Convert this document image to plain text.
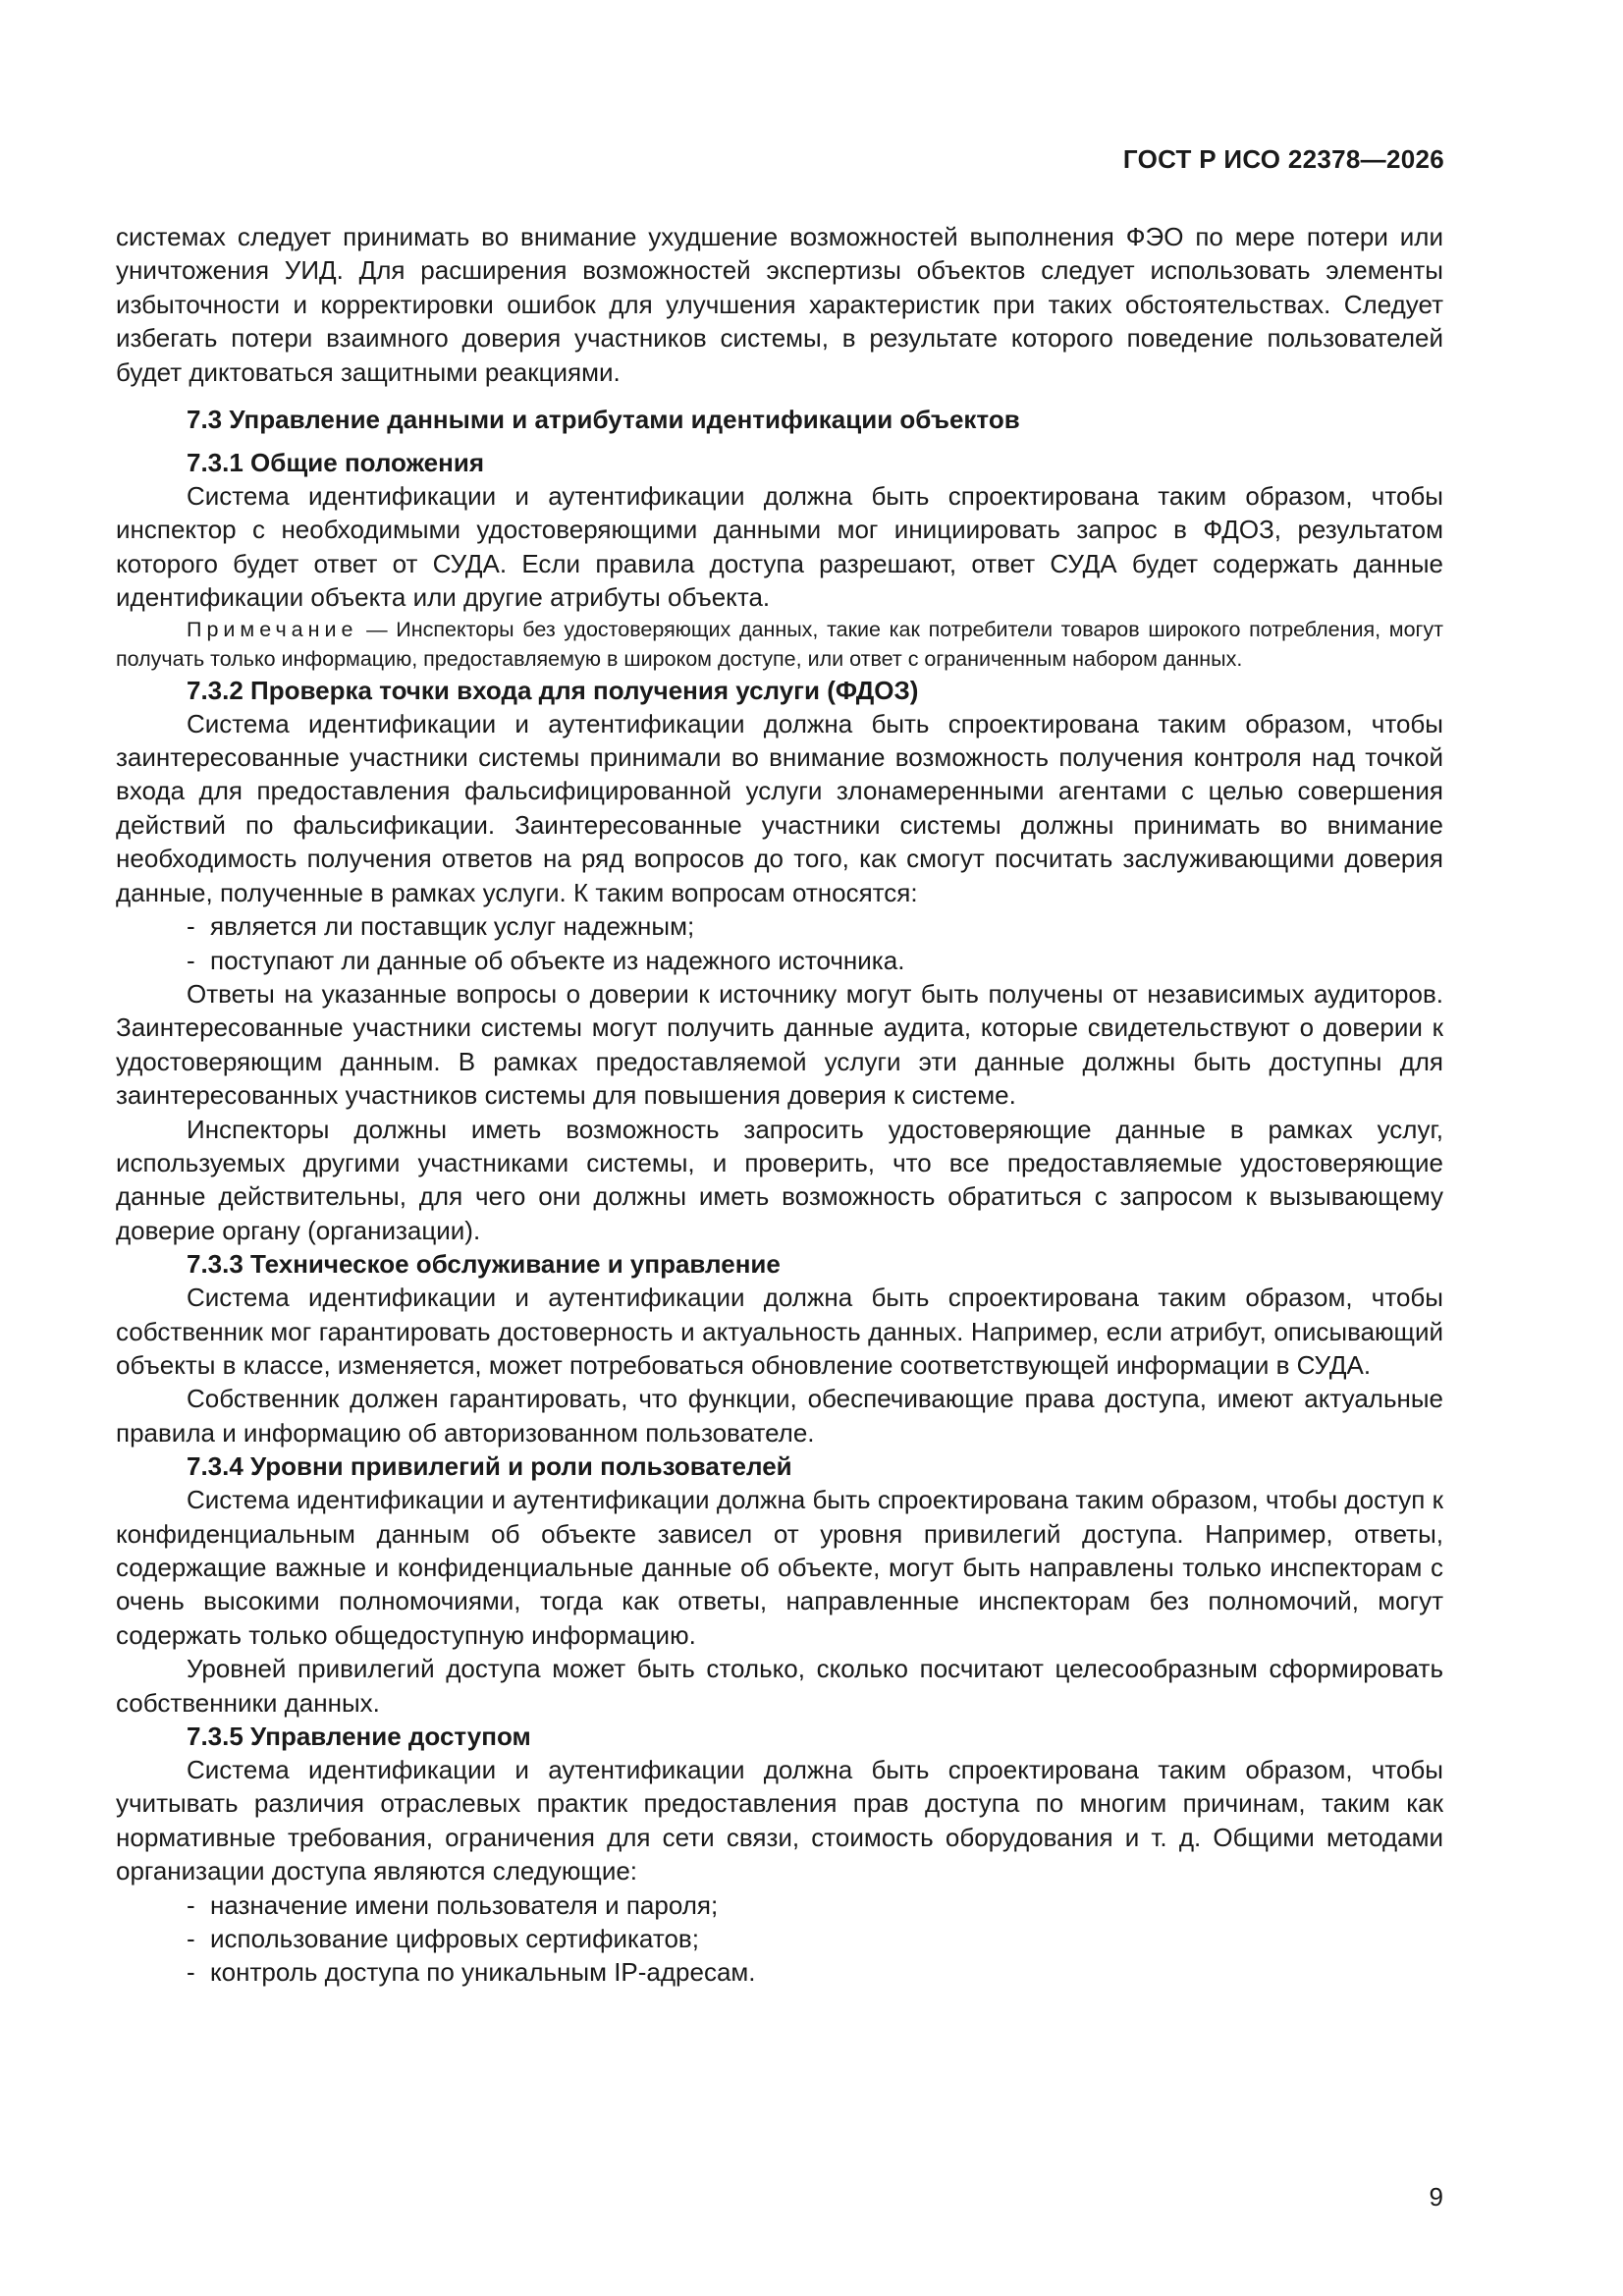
ГОСТ Р ИСО 22378—2026

системах следует принимать во внимание ухудшение возможностей выполнения ФЭО по мере потери или уничтожения УИД. Для расширения возможностей экспертизы объектов следует использовать элементы избыточности и корректировки ошибок для улучшения характеристик при таких обстоятельствах. Следует избегать потери взаимного доверия участников системы, в результате которого поведение пользователей будет диктоваться защитными реакциями.

7.3 Управление данными и атрибутами идентификации объектов

7.3.1 Общие положения

Система идентификации и аутентификации должна быть спроектирована таким образом, чтобы инспектор с необходимыми удостоверяющими данными мог инициировать запрос в ФДОЗ, результатом которого будет ответ от СУДА. Если правила доступа разрешают, ответ СУДА будет содержать данные идентификации объекта или другие атрибуты объекта.

Примечание — Инспекторы без удостоверяющих данных, такие как потребители товаров широкого потребления, могут получать только информацию, предоставляемую в широком доступе, или ответ с ограниченным набором данных.

7.3.2 Проверка точки входа для получения услуги (ФДОЗ)

Система идентификации и аутентификации должна быть спроектирована таким образом, чтобы заинтересованные участники системы принимали во внимание возможность получения контроля над точкой входа для предоставления фальсифицированной услуги злонамеренными агентами с целью совершения действий по фальсификации. Заинтересованные участники системы должны принимать во внимание необходимость получения ответов на ряд вопросов до того, как смогут посчитать заслуживающими доверия данные, полученные в рамках услуги. К таким вопросам относятся:

- является ли поставщик услуг надежным;
- поступают ли данные об объекте из надежного источника.

Ответы на указанные вопросы о доверии к источнику могут быть получены от независимых аудиторов. Заинтересованные участники системы могут получить данные аудита, которые свидетельствуют о доверии к удостоверяющим данным. В рамках предоставляемой услуги эти данные должны быть доступны для заинтересованных участников системы для повышения доверия к системе.

Инспекторы должны иметь возможность запросить удостоверяющие данные в рамках услуг, используемых другими участниками системы, и проверить, что все предоставляемые удостоверяющие данные действительны, для чего они должны иметь возможность обратиться с запросом к вызывающему доверие органу (организации).

7.3.3 Техническое обслуживание и управление

Система идентификации и аутентификации должна быть спроектирована таким образом, чтобы собственник мог гарантировать достоверность и актуальность данных. Например, если атрибут, описывающий объекты в классе, изменяется, может потребоваться обновление соответствующей информации в СУДА.

Собственник должен гарантировать, что функции, обеспечивающие права доступа, имеют актуальные правила и информацию об авторизованном пользователе.

7.3.4 Уровни привилегий и роли пользователей

Система идентификации и аутентификации должна быть спроектирована таким образом, чтобы доступ к конфиденциальным данным об объекте зависел от уровня привилегий доступа. Например, ответы, содержащие важные и конфиденциальные данные об объекте, могут быть направлены только инспекторам с очень высокими полномочиями, тогда как ответы, направленные инспекторам без полномочий, могут содержать только общедоступную информацию.

Уровней привилегий доступа может быть столько, сколько посчитают целесообразным сформировать собственники данных.

7.3.5 Управление доступом

Система идентификации и аутентификации должна быть спроектирована таким образом, чтобы учитывать различия отраслевых практик предоставления прав доступа по многим причинам, таким как нормативные требования, ограничения для сети связи, стоимость оборудования и т. д. Общими методами организации доступа являются следующие:

- назначение имени пользователя и пароля;
- использование цифровых сертификатов;
- контроль доступа по уникальным IP-адресам.
9
